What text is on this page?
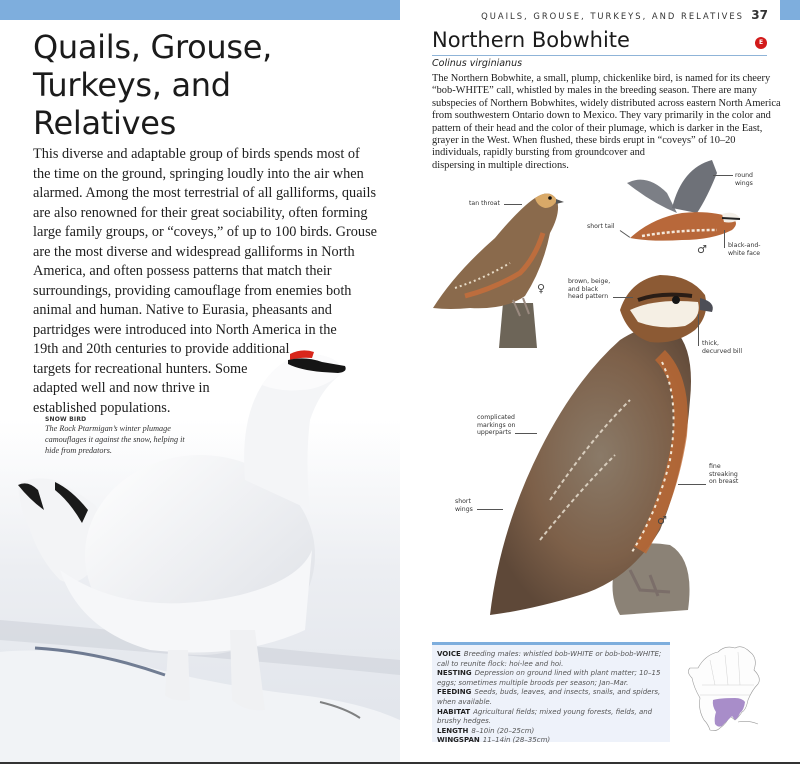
Quails, Grouse,
Turkeys, and
Relatives
This diverse and adaptable group of birds spends most of
the time on the ground, springing loudly into the air when
alarmed. Among the most terrestrial of all galliforms, quails
are also renowned for their great sociability, often forming
large family groups, or “coveys,” of up to 100 birds. Grouse
are the most diverse and widespread galliforms in North
America, and often possess patterns that match their
surroundings, providing camouflage from enemies both
animal and human. Native to Eurasia, pheasants and
partridges were introduced into North America in the
19th and 20th centuries to provide additional
targets for recreational hunters. Some
adapted well and now thrive in
established populations.
SNOW BIRD
The Rock Ptarmigan’s winter plumage
camouflages it against the snow, helping it
hide from predators.
QUAILS, GROUSE, TURKEYS, AND RELATIVES 37
Northern Bobwhite	E
Colinus virginianus
The Northern Bobwhite, a small, plump, chickenlike bird, is named for its cheery
“bob-WHITE” call, whistled by males in the breeding season. There are many
subspecies of Northern Bobwhites, widely distributed across eastern North America
from southwestern Ontario down to Mexico. They vary primarily in the color and
pattern of their head and the color of their plumage, which is darker in the East,
grayer in the West. When flushed, these birds erupt in “coveys” of 10–20
individuals, rapidly bursting from groundcover and
dispersing in multiple directions.
tan throat
round
wings
short tail
black-and-
white face
brown, beige,
and black
head pattern
thick,
decurved bill
complicated
markings on
upperparts
fine
streaking
on breast
short
wings
♀
♂
♂
VOICE Breeding males: whistled bob-WHITE or bob-bob-WHITE; call to reunite flock: hoi-lee and hoi.
NESTING Depression on ground lined with plant matter; 10–15 eggs; sometimes multiple broods per season; Jan–Mar.
FEEDING Seeds, buds, leaves, and insects, snails, and spiders, when available.
HABITAT Agricultural fields; mixed young forests, fields, and brushy hedges.
LENGTH 8–10in (20–25cm)
WINGSPAN 11–14in (28–35cm)
